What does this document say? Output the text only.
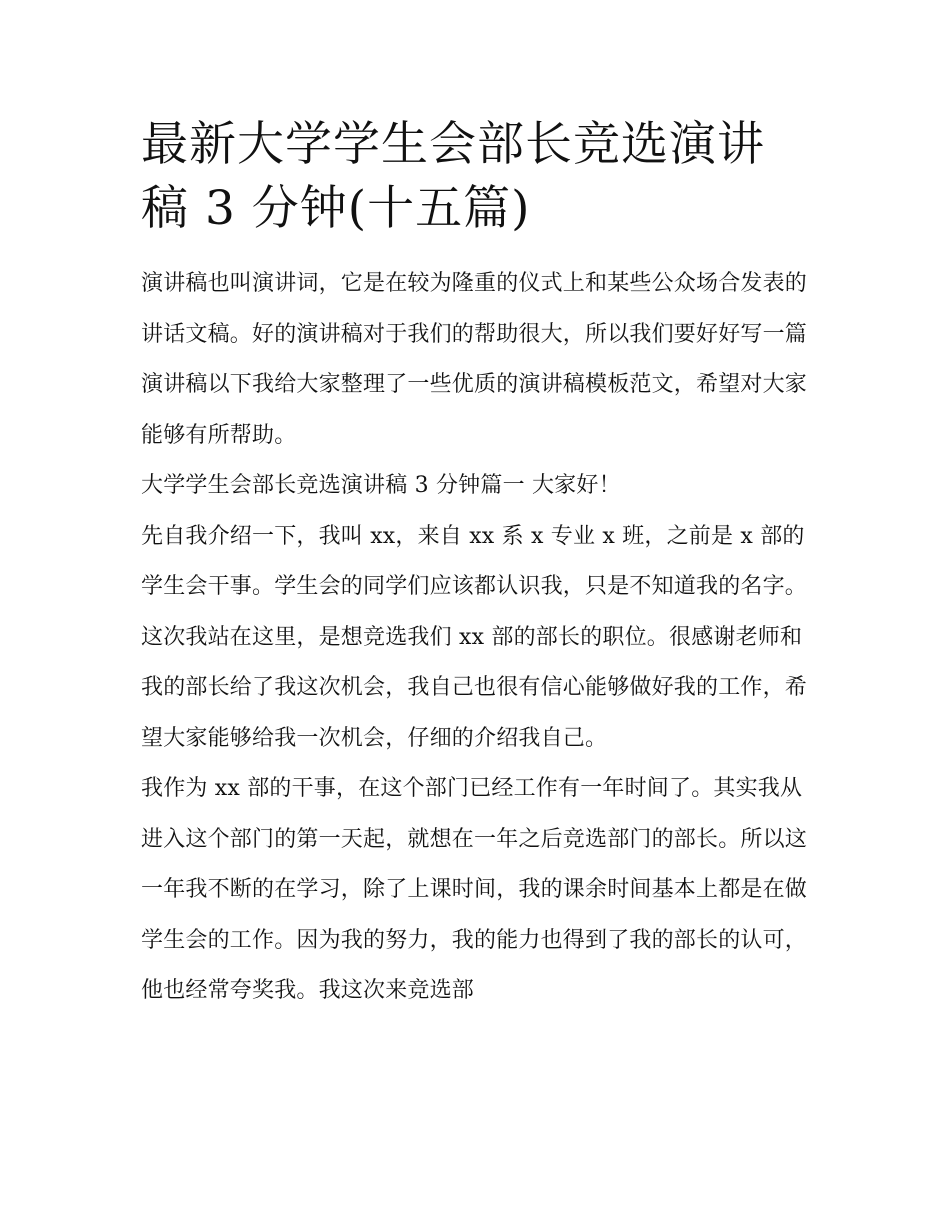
最新大学学生会部长竞选演讲
稿 3 分钟(十五篇)

演讲稿也叫演讲词，它是在较为隆重的仪式上和某些公众场合发表的讲话文稿。好的演讲稿对于我们的帮助很大，所以我们要好好写一篇演讲稿以下我给大家整理了一些优质的演讲稿模板范文，希望对大家能够有所帮助。

大学学生会部长竞选演讲稿 3 分钟篇一 大家好！

先自我介绍一下，我叫 xx，来自 xx 系 x 专业 x 班，之前是 x 部的学生会干事。学生会的同学们应该都认识我，只是不知道我的名字。这次我站在这里，是想竞选我们 xx 部的部长的职位。很感谢老师和我的部长给了我这次机会，我自己也很有信心能够做好我的工作，希望大家能够给我一次机会，仔细的介绍我自己。

我作为 xx 部的干事，在这个部门已经工作有一年时间了。其实我从进入这个部门的第一天起，就想在一年之后竞选部门的部长。所以这一年我不断的在学习，除了上课时间，我的课余时间基本上都是在做学生会的工作。因为我的努力，我的能力也得到了我的部长的认可，他也经常夸奖我。我这次来竞选部
